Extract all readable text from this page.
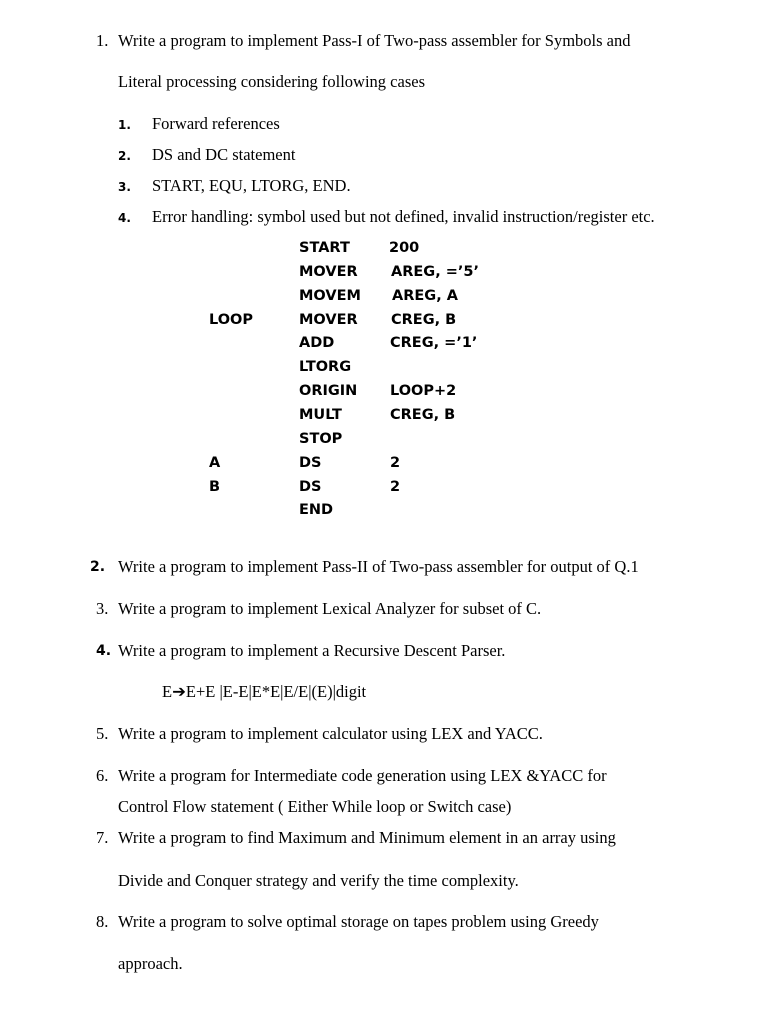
1. Write a program to implement Pass-I of Two-pass assembler for Symbols and
Literal processing considering following cases
1. Forward references
2. DS and DC statement
3. START, EQU, LTORG, END.
4. Error handling: symbol used but not defined, invalid instruction/register etc.
START	200
MOVER AREG, =’5’
MOVEM AREG, A
LOOP	MOVER CREG, B
ADD	CREG, =’1’
LTORG
ORIGIN LOOP+2
MULT	CREG, B
STOP
A	DS	2
B	DS	2
END
2. Write a program to implement Pass-II of Two-pass assembler for output of Q.1
3. Write a program to implement Lexical Analyzer for subset of C.
4. Write a program to implement a Recursive Descent Parser.
E➔E+E |E-E|E*E|E/E|(E)|digit
5. Write a program to implement calculator using LEX and YACC.
6. Write a program for Intermediate code generation using LEX &YACC for
Control Flow statement ( Either While loop or Switch case)
7. Write a program to find Maximum and Minimum element in an array using
Divide and Conquer strategy and verify the time complexity.
8. Write a program to solve optimal storage on tapes problem using Greedy
approach.
